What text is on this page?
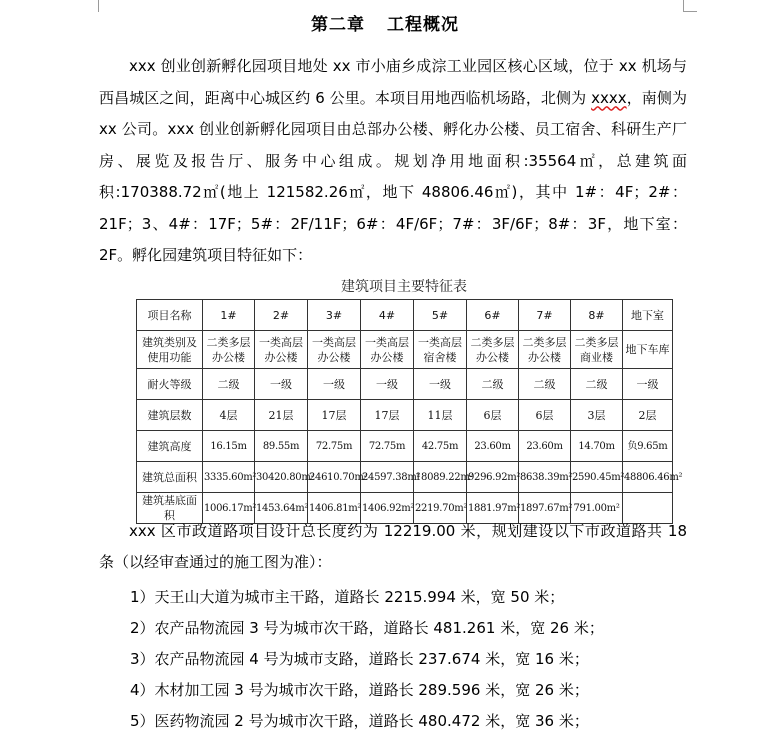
第二章 工程概况
xxx 创业创新孵化园项目地处 xx 市小庙乡成淙工业园区核心区域，位于 xx 机场与西昌城区之间，距离中心城区约 6 公里。本项目用地西临机场路，北侧为 xxxx，南侧为 xx 公司。xxx 创业创新孵化园项目由总部办公楼、孵化办公楼、员工宿舍、科研生产厂房、展览及报告厅、服务中心组成。规划净用地面积:35564㎡，总建筑面积:170388.72㎡(地上 121582.26㎡，地下 48806.46㎡)，其中 1#：4F；2#：21F；3、4#：17F；5#：2F/11F；6#：4F/6F；7#：3F/6F；8#：3F，地下室：2F。孵化园建筑项目特征如下：
建筑项目主要特征表
项目名称	1#	2#	3#	4#	5#	6#	7#	8#	地下室
建筑类别及使用功能	二类多层办公楼	一类高层办公楼	一类高层办公楼	一类高层办公楼	一类高层宿舍楼	二类多层办公楼	二类多层办公楼	二类多层商业楼	地下车库
耐火等级	二级	一级	一级	一级	一级	二级	二级	二级	一级
建筑层数	4层	21层	17层	17层	11层	6层	6层	3层	2层
建筑高度	16.15m	89.55m	72.75m	72.75m	42.75m	23.60m	23.60m	14.70m	负9.65m
建筑总面积	3335.60m²	30420.80m²	24610.70m²	24597.38m²	18089.22m²	9296.92m²	8638.39m²	2590.45m²	48806.46m²
建筑基底面积	1006.17m²	1453.64m²	1406.81m²	1406.92m²	2219.70m²	1881.97m²	1897.67m²	791.00m²	
xxx 区市政道路项目设计总长度约为 12219.00 米，规划建设以下市政道路共 18 条（以经审查通过的施工图为准）：
1）天王山大道为城市主干路，道路长 2215.994 米，宽 50 米；
2）农产品物流园 3 号为城市次干路，道路长 481.261 米，宽 26 米；
3）农产品物流园 4 号为城市支路，道路长 237.674 米，宽 16 米；
4）木材加工园 3 号为城市次干路，道路长 289.596 米，宽 26 米；
5）医药物流园 2 号为城市次干路，道路长 480.472 米，宽 36 米；
